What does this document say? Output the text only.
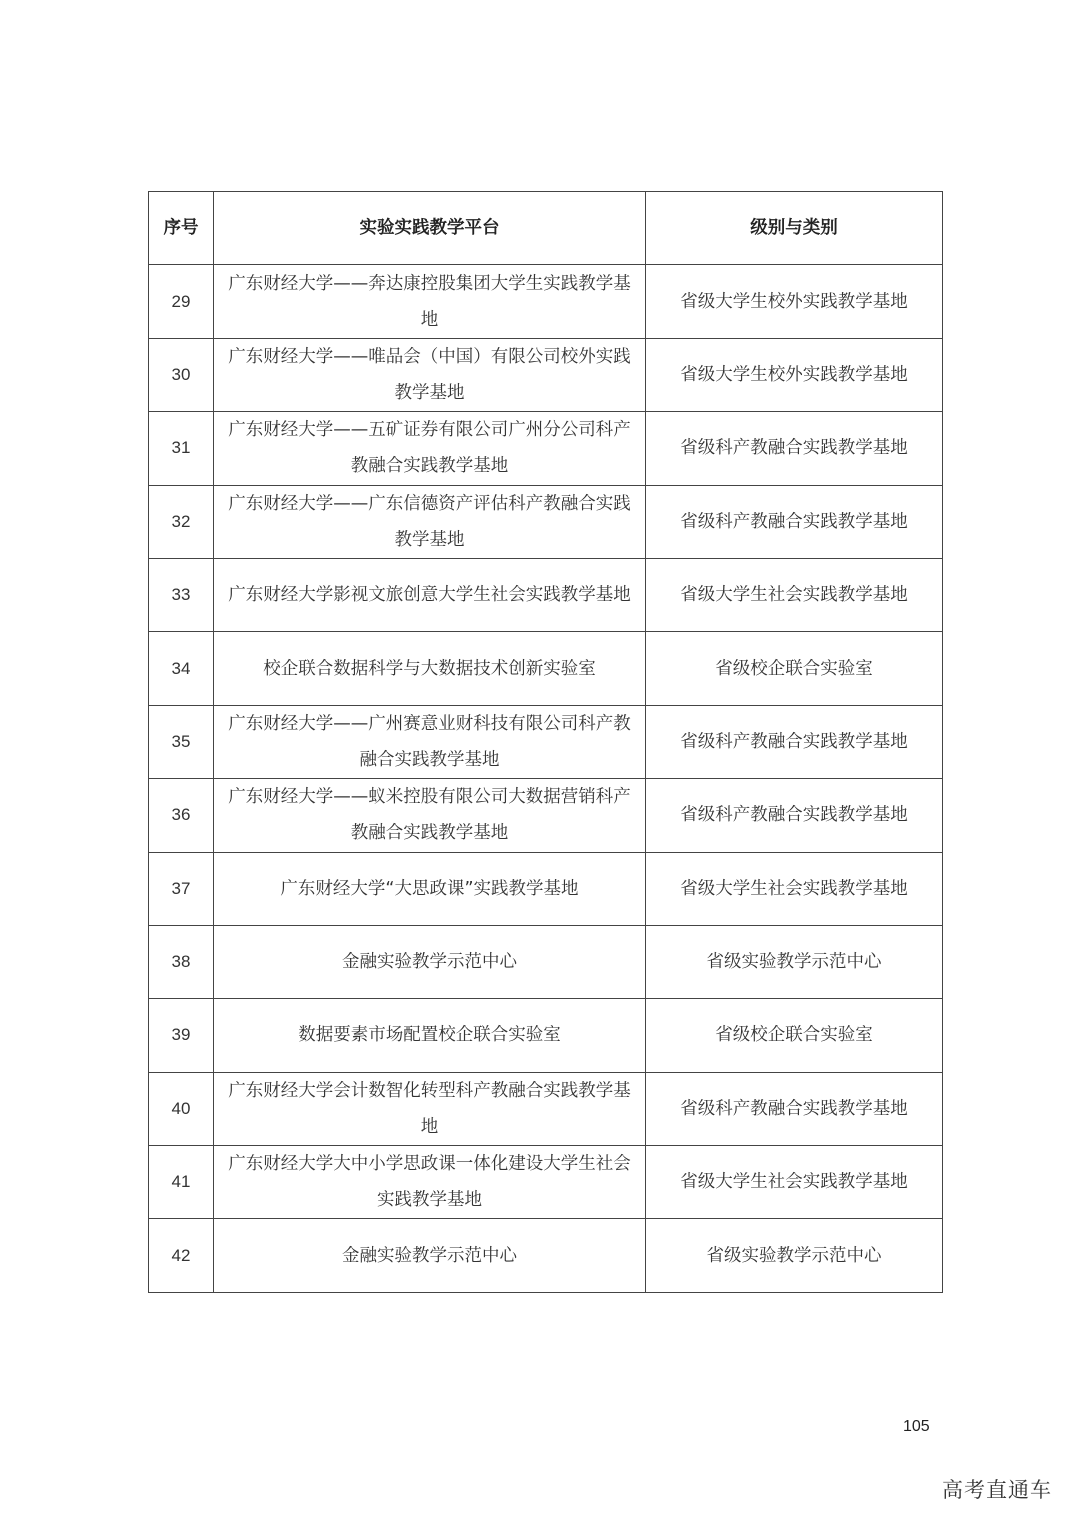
序号	实验实践教学平台	级别与类别
29	广东财经大学——奔达康控股集团大学生实践教学基地	省级大学生校外实践教学基地
30	广东财经大学——唯品会（中国）有限公司校外实践教学基地	省级大学生校外实践教学基地
31	广东财经大学——五矿证券有限公司广州分公司科产教融合实践教学基地	省级科产教融合实践教学基地
32	广东财经大学——广东信德资产评估科产教融合实践教学基地	省级科产教融合实践教学基地
33	广东财经大学影视文旅创意大学生社会实践教学基地	省级大学生社会实践教学基地
34	校企联合数据科学与大数据技术创新实验室	省级校企联合实验室
35	广东财经大学——广州赛意业财科技有限公司科产教融合实践教学基地	省级科产教融合实践教学基地
36	广东财经大学——蚁米控股有限公司大数据营销科产教融合实践教学基地	省级科产教融合实践教学基地
37	广东财经大学“大思政课”实践教学基地	省级大学生社会实践教学基地
38	金融实验教学示范中心	省级实验教学示范中心
39	数据要素市场配置校企联合实验室	省级校企联合实验室
40	广东财经大学会计数智化转型科产教融合实践教学基地	省级科产教融合实践教学基地
41	广东财经大学大中小学思政课一体化建设大学生社会实践教学基地	省级大学生社会实践教学基地
42	金融实验教学示范中心	省级实验教学示范中心
105
高考直通车
